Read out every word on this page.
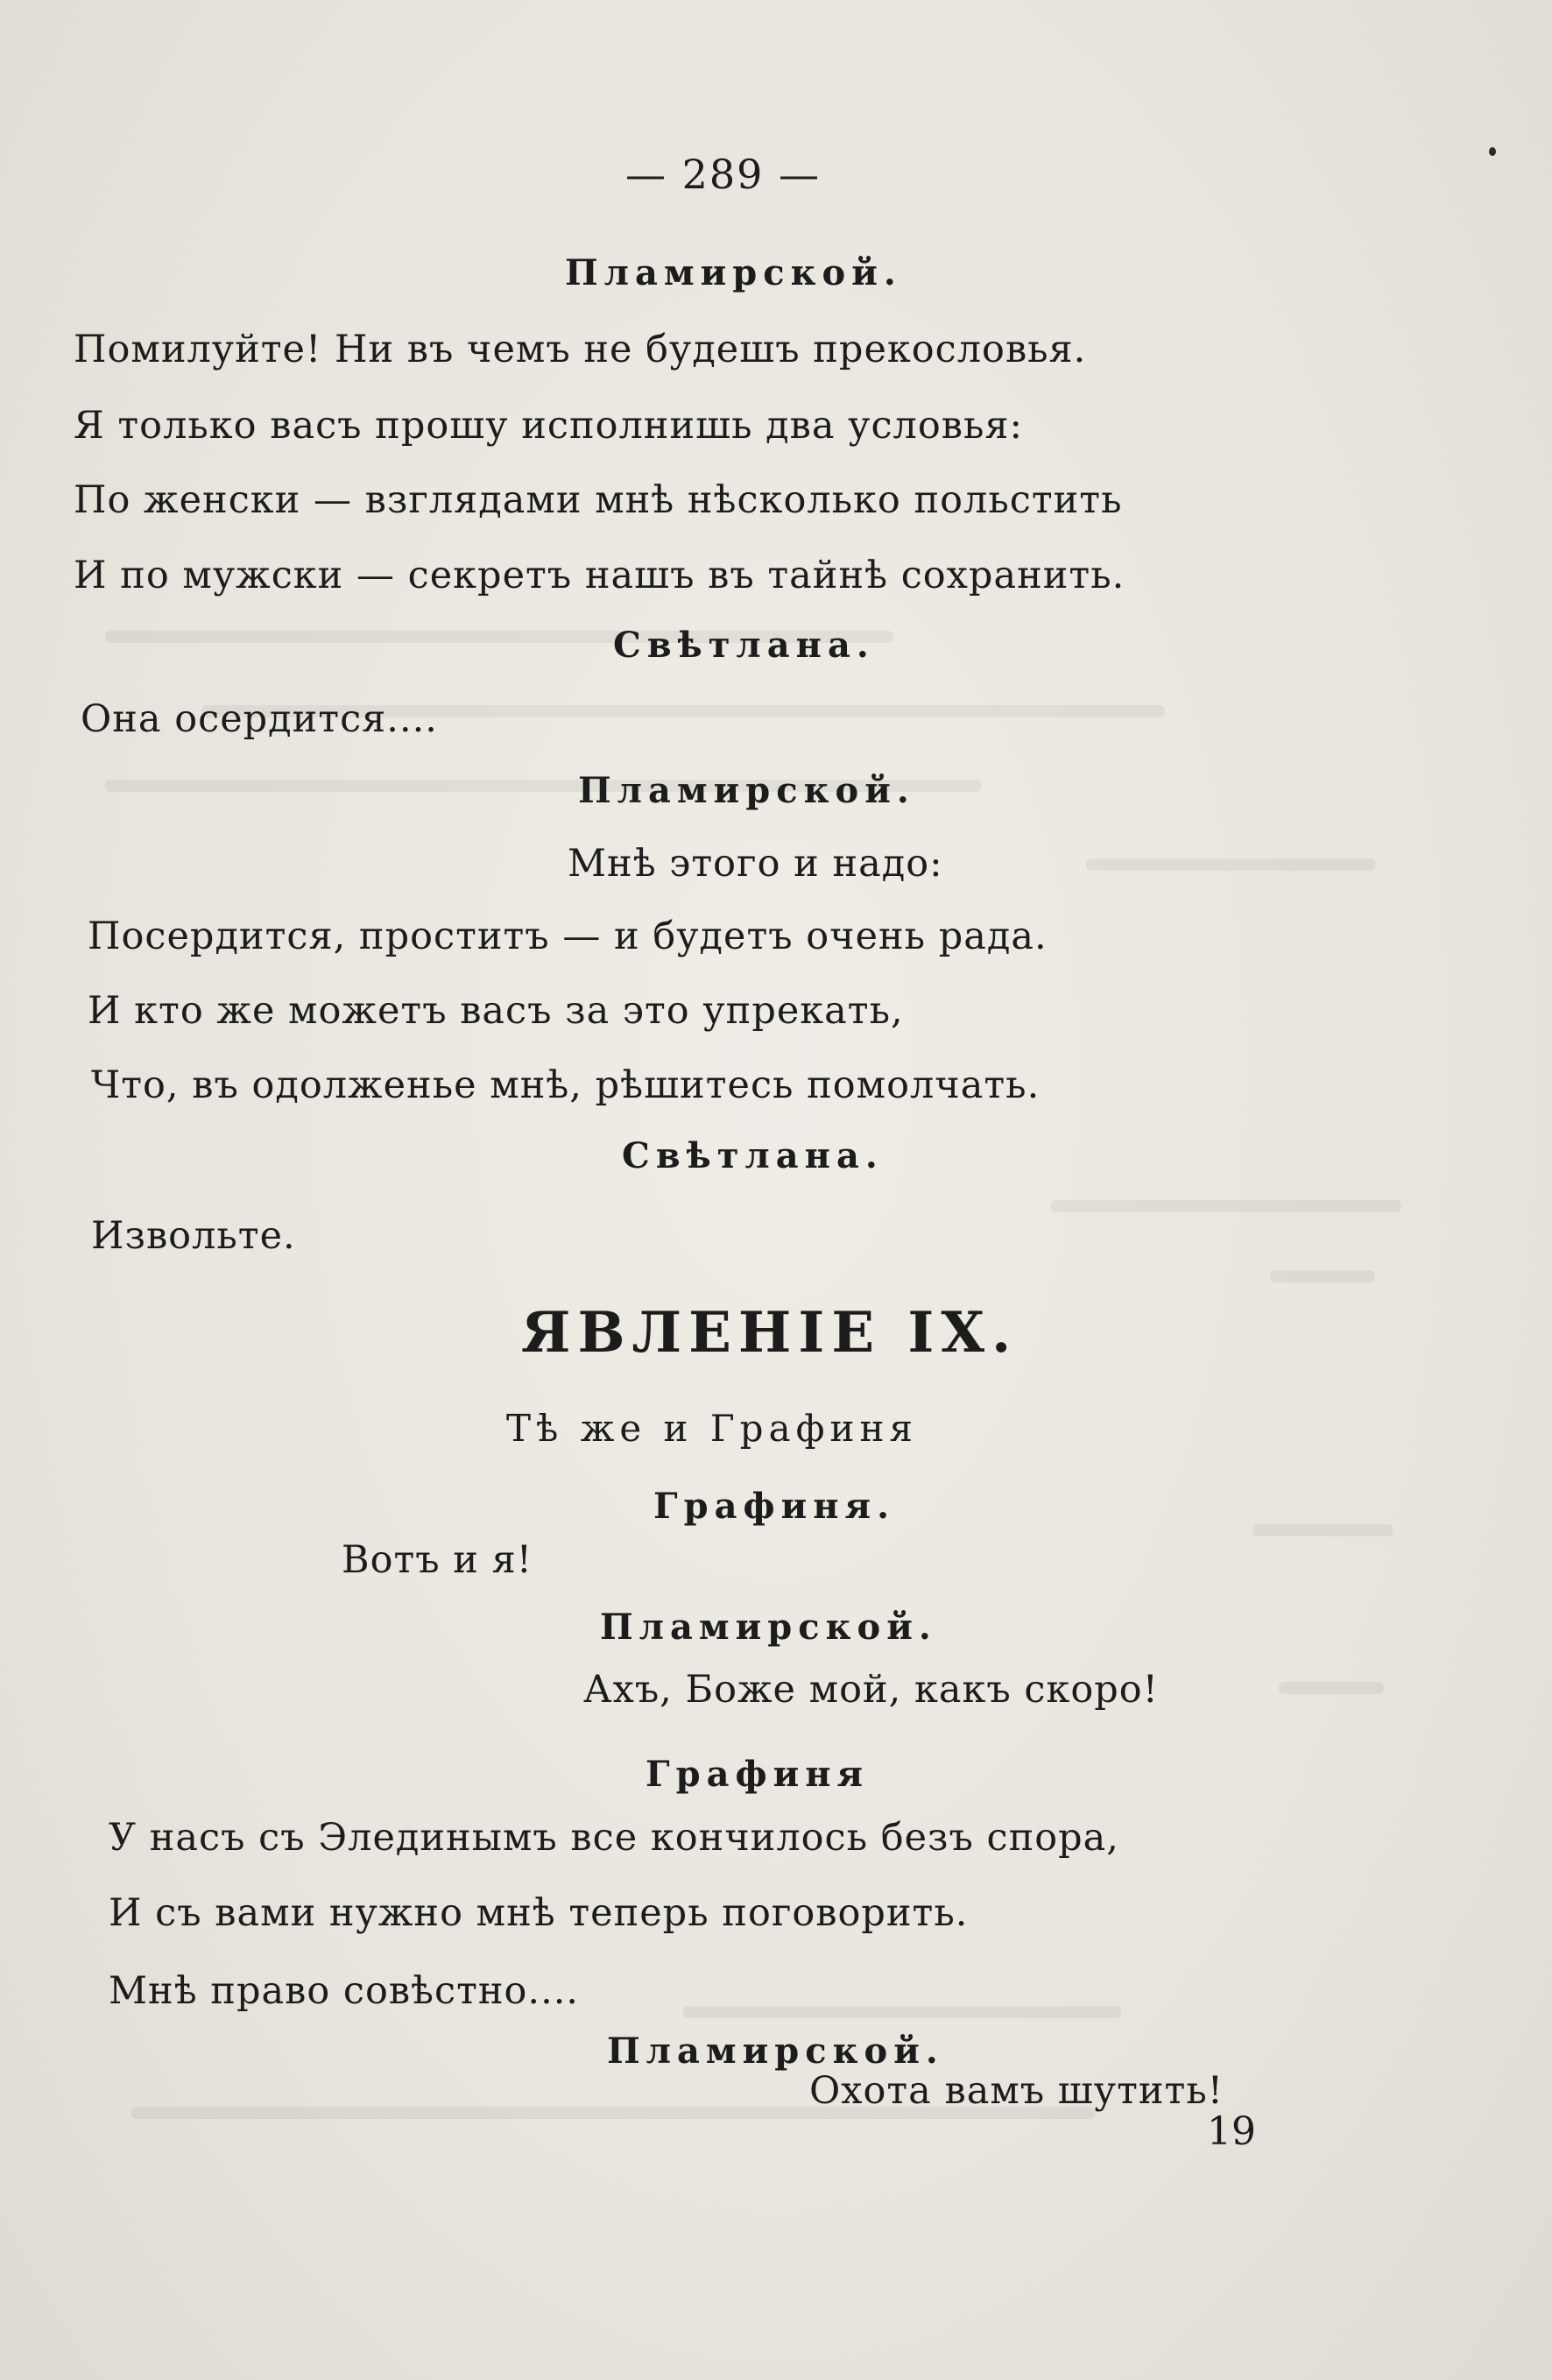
— 289 —
Пламирской.
Помилуйте! Ни въ чемъ не будешъ прекословья.
Я только васъ прошу исполнишь два условья:
По женски — взглядами мнѣ нѣсколько польстить
И по мужски — секретъ нашъ въ тайнѣ сохранить.
Свѣтлана.
Она осердится....
Пламирской.
Мнѣ этого и надо:
Посердится, проститъ — и будетъ очень рада.
И кто же можетъ васъ за это упрекать,
Что, въ одолженье мнѣ, рѣшитесь помолчать.
Свѣтлана.
Извольте.
ЯВЛЕНІЕ IX.
Тѣ же и Графиня
Графиня.
Вотъ и я!
Пламирской.
Ахъ, Боже мой, какъ скоро!
Графиня
У насъ съ Элединымъ все кончилось безъ спора,
И съ вами нужно мнѣ теперь поговорить.
Мнѣ право совѣстно....
Пламирской.
Охота вамъ шутить!
19
